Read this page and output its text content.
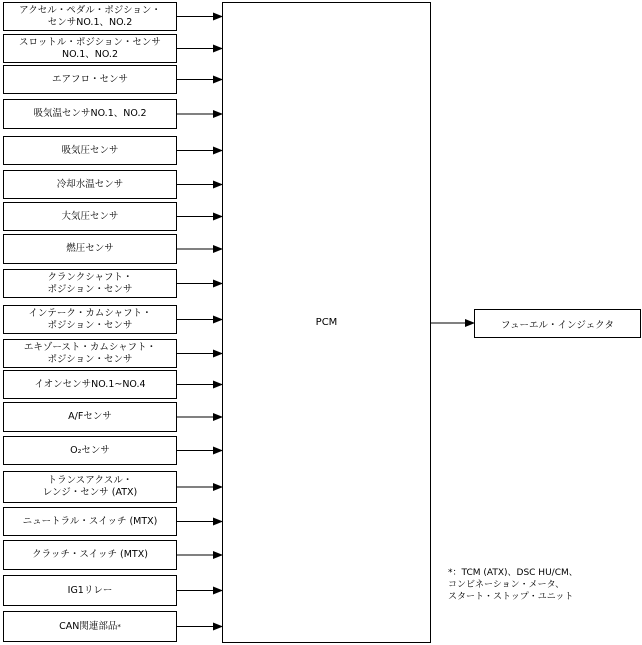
アクセル・ペダル・ポジション・
センサNO.1、NO.2
スロットル・ポジション・センサ
NO.1、NO.2
エアフロ・センサ
吸気温センサNO.1、NO.2
吸気圧センサ
冷却水温センサ
大気圧センサ
燃圧センサ
クランクシャフト・
ポジション・センサ
インテーク・カムシャフト・
ポジション・センサ
エキゾースト・カムシャフト・
ポジション・センサ
イオンセンサNO.1~NO.4
A/Fセンサ
O₂センサ
トランスアクスル・
レンジ・センサ (ATX)
ニュートラル・スイッチ (MTX)
クラッチ・スイッチ (MTX)
IG1リレー
CAN関連部品 *
PCM	フューエル・インジェクタ
*：TCM (ATX)、DSC HU/CM、
コンビネーション・メータ、
スタート・ストップ・ユニット
